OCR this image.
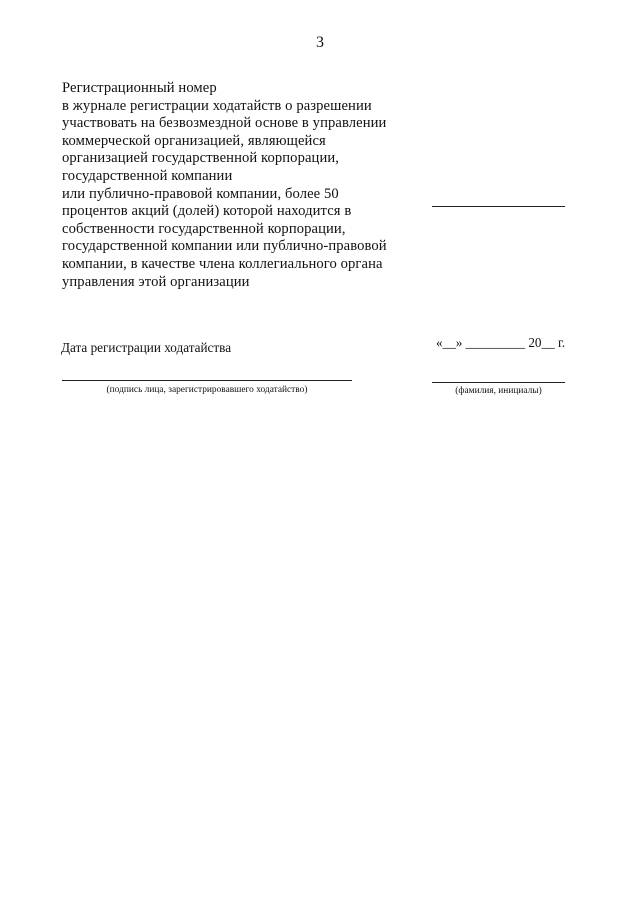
3
Регистрационный номер
в журнале регистрации ходатайств о разрешении
участвовать на безвозмездной основе в управлении
коммерческой организацией, являющейся
организацией государственной корпорации,
государственной компании
или публично-правовой компании, более 50
процентов акций (долей) которой находится в
собственности государственной корпорации,
государственной компании или публично-правовой
компании, в качестве члена коллегиального органа
управления этой организации
Дата регистрации ходатайства	«__» _________ 20__ г.
(подпись лица, зарегистрировавшего ходатайство)	(фамилия, инициалы)
